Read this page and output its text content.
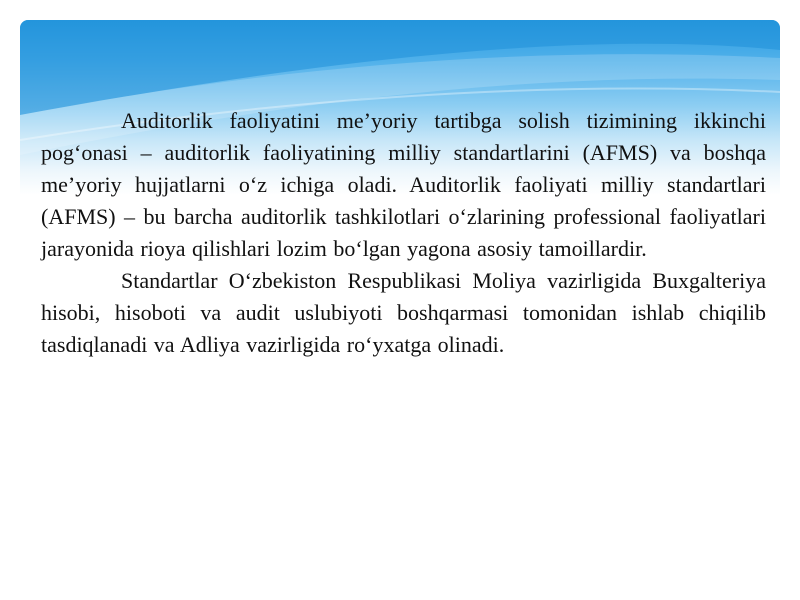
Auditorlik faoliyatini me’yoriy tartibga solish tizimining ikkinchi pog‘onasi – auditorlik faoliyatining milliy standartlarini (AFMS) va boshqa me’yoriy hujjatlarni o‘z ichiga oladi. Auditorlik faoliyati milliy standartlari (AFMS) – bu barcha auditorlik tashkilotlari o‘zlarining professional faoliyatlari jarayonida rioya qilishlari lozim bo‘lgan yagona asosiy tamoillardir.

Standartlar O‘zbekiston Respublikasi Moliya vazirligida Buxgalteriya hisobi, hisoboti va audit uslubiyoti boshqarmasi tomonidan ishlab chiqilib tasdiqlanadi va Adliya vazirligida ro‘yxatga olinadi.
